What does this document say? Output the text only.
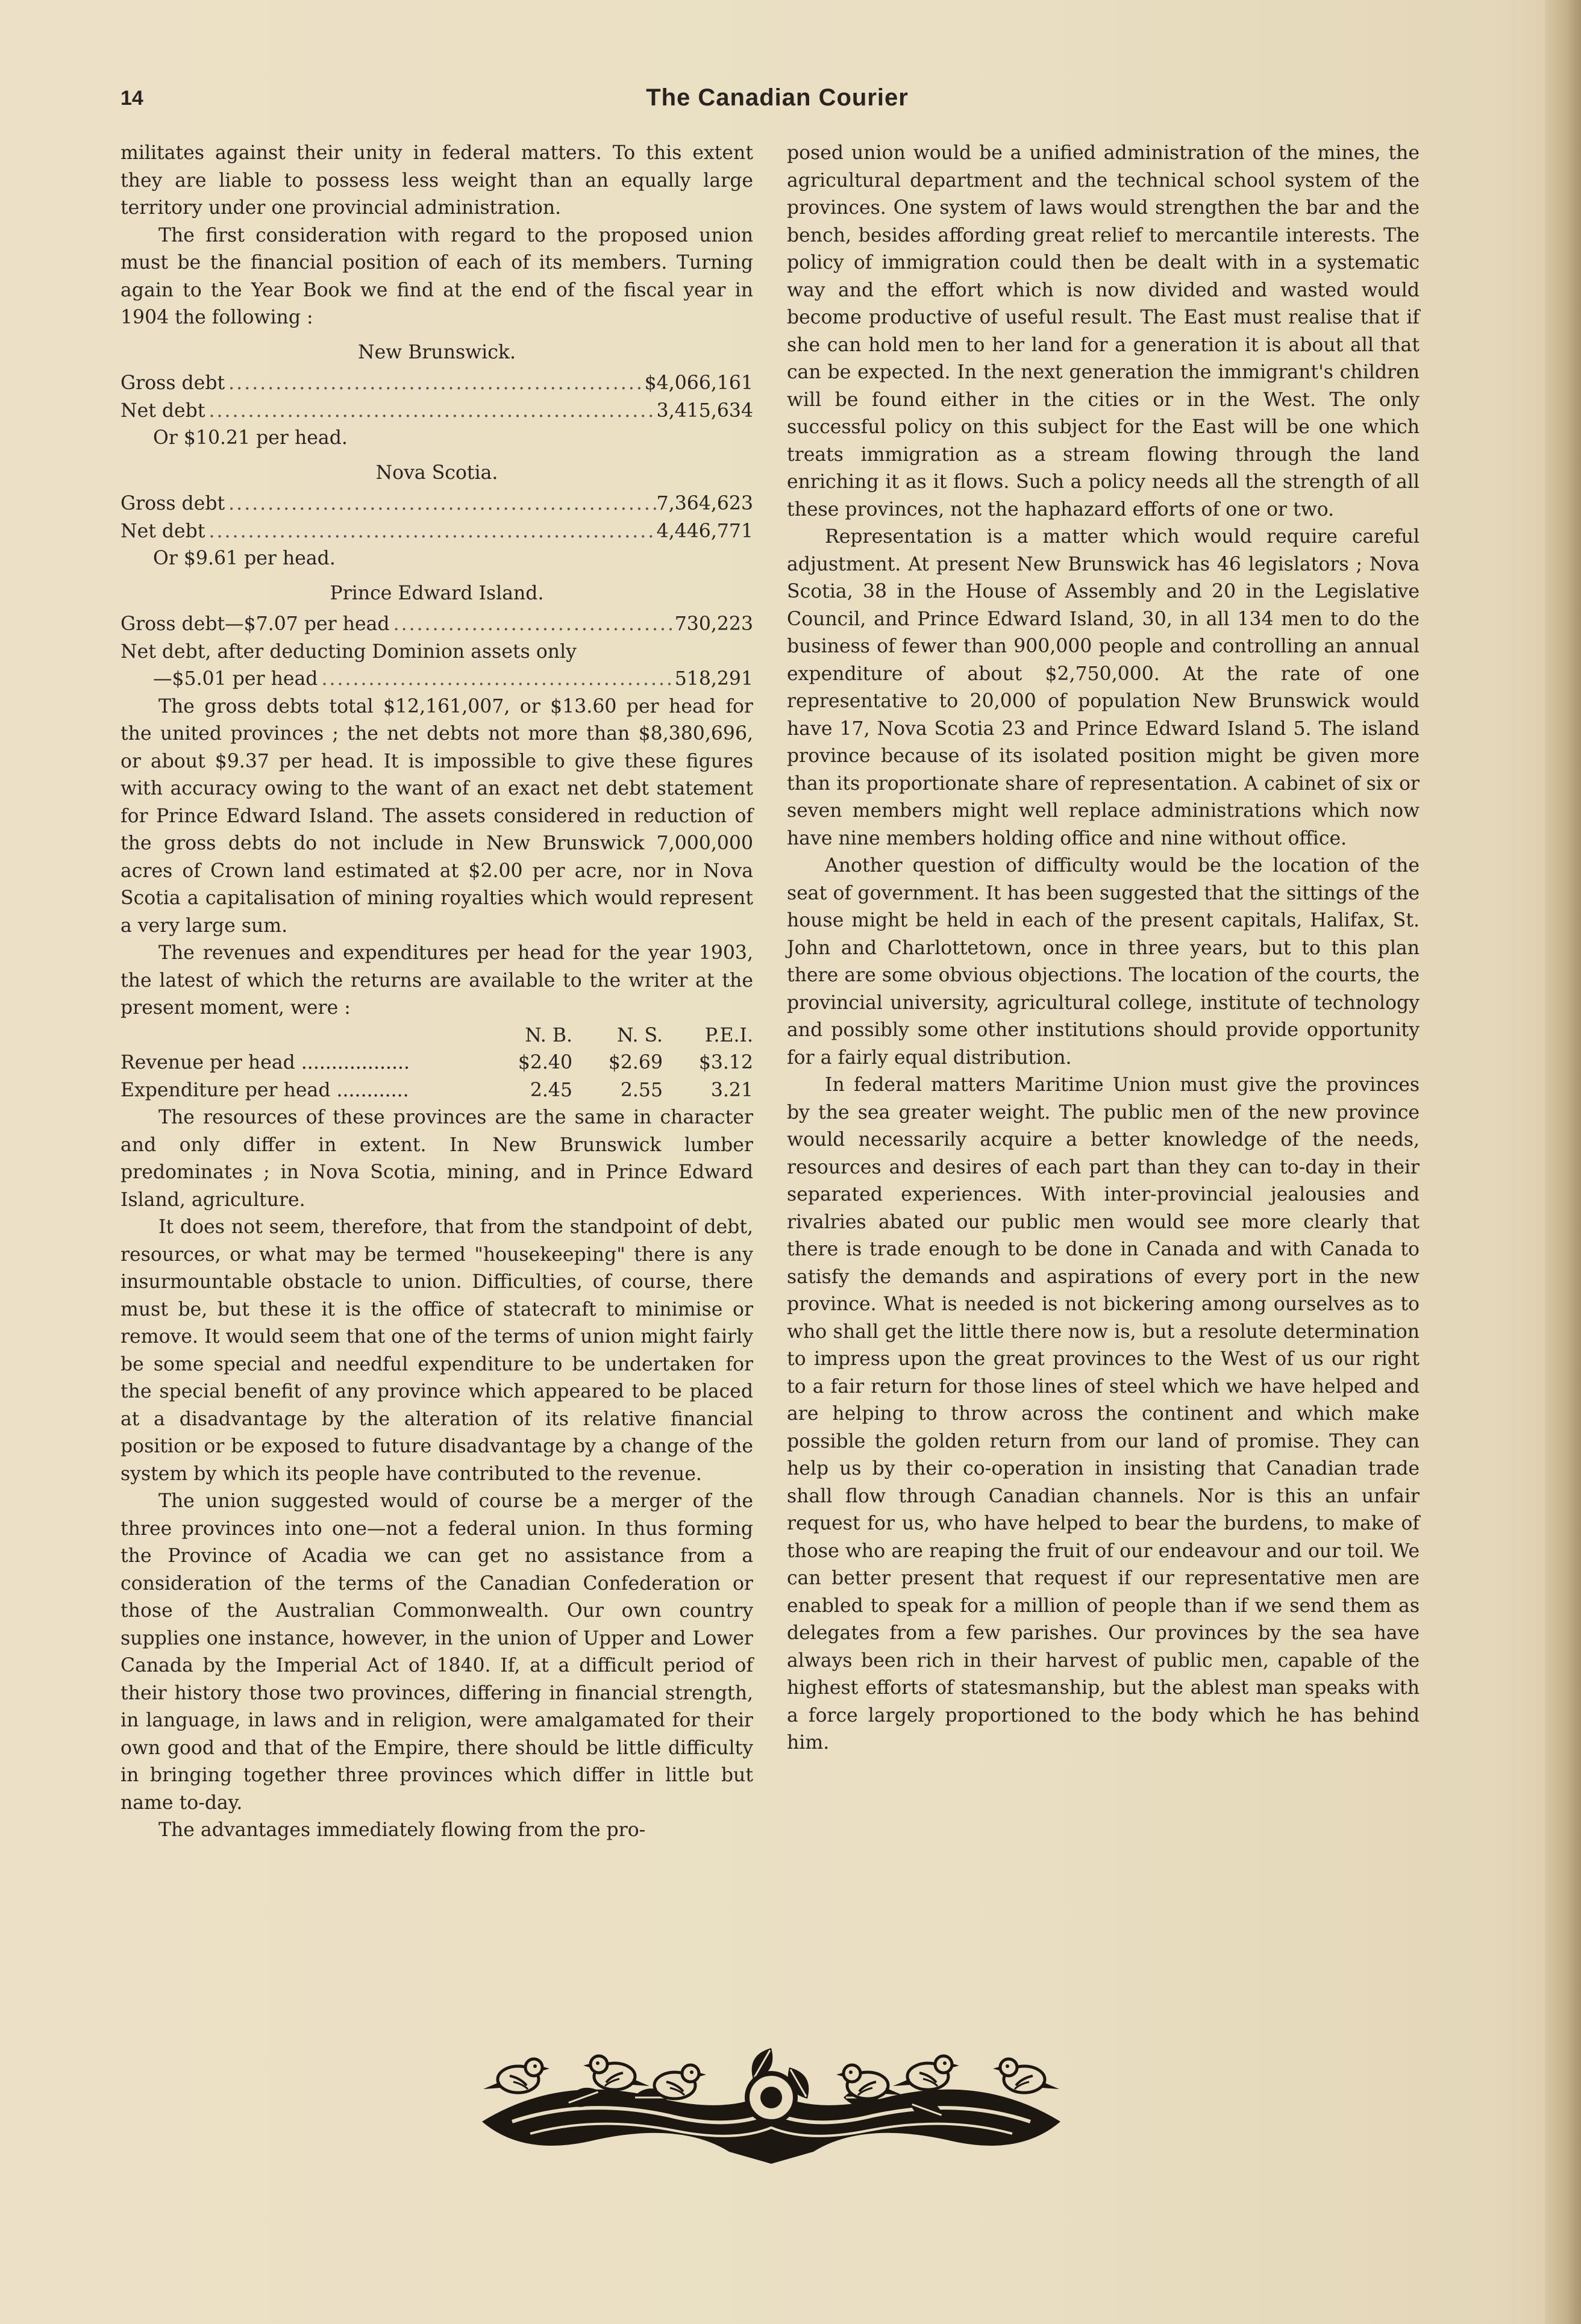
14	The Canadian Courier

militates against their unity in federal matters. To this extent they are liable to possess less weight than an equally large territory under one provincial administration.

The first consideration with regard to the proposed union must be the financial position of each of its members. Turning again to the Year Book we find at the end of the fiscal year in 1904 the following :

New Brunswick.
Gross debt .....	$4,066,161
Net debt .....	3,415,634
Or $10.21 per head.
Nova Scotia.
Gross debt .....	7,364,623
Net debt .....	4,446,771
Or $9.61 per head.
Prince Edward Island.
Gross debt—$7.07 per head .....	730,223
Net debt, after deducting Dominion assets only
—$5.01 per head .....	518,291

The gross debts total $12,161,007, or $13.60 per head for the united provinces ; the net debts not more than $8,380,696, or about $9.37 per head. It is impossible to give these figures with accuracy owing to the want of an exact net debt statement for Prince Edward Island. The assets considered in reduction of the gross debts do not include in New Brunswick 7,000,000 acres of Crown land estimated at $2.00 per acre, nor in Nova Scotia a capitalisation of mining royalties which would represent a very large sum.

The revenues and expenditures per head for the year 1903, the latest of which the returns are available to the writer at the present moment, were :

	N. B.	N. S.	P.E.I.
Revenue per head ..................	$2.40	$2.69	$3.12
Expenditure per head ............	2.45	2.55	3.21

The resources of these provinces are the same in character and only differ in extent. In New Brunswick lumber predominates ; in Nova Scotia, mining, and in Prince Edward Island, agriculture.

It does not seem, therefore, that from the standpoint of debt, resources, or what may be termed "housekeeping" there is any insurmountable obstacle to union. Difficulties, of course, there must be, but these it is the office of statecraft to minimise or remove. It would seem that one of the terms of union might fairly be some special and needful expenditure to be undertaken for the special benefit of any province which appeared to be placed at a disadvantage by the alteration of its relative financial position or be exposed to future disadvantage by a change of the system by which its people have contributed to the revenue.

The union suggested would of course be a merger of the three provinces into one—not a federal union. In thus forming the Province of Acadia we can get no assistance from a consideration of the terms of the Canadian Confederation or those of the Australian Commonwealth. Our own country supplies one instance, however, in the union of Upper and Lower Canada by the Imperial Act of 1840. If, at a difficult period of their history those two provinces, differing in financial strength, in language, in laws and in religion, were amalgamated for their own good and that of the Empire, there should be little difficulty in bringing together three provinces which differ in little but name to-day.

The advantages immediately flowing from the pro-

posed union would be a unified administration of the mines, the agricultural department and the technical school system of the provinces. One system of laws would strengthen the bar and the bench, besides affording great relief to mercantile interests. The policy of immigration could then be dealt with in a systematic way and the effort which is now divided and wasted would become productive of useful result. The East must realise that if she can hold men to her land for a generation it is about all that can be expected. In the next generation the immigrant's children will be found either in the cities or in the West. The only successful policy on this subject for the East will be one which treats immigration as a stream flowing through the land enriching it as it flows. Such a policy needs all the strength of all these provinces, not the haphazard efforts of one or two.

Representation is a matter which would require careful adjustment. At present New Brunswick has 46 legislators ; Nova Scotia, 38 in the House of Assembly and 20 in the Legislative Council, and Prince Edward Island, 30, in all 134 men to do the business of fewer than 900,000 people and controlling an annual expenditure of about $2,750,000. At the rate of one representative to 20,000 of population New Brunswick would have 17, Nova Scotia 23 and Prince Edward Island 5. The island province because of its isolated position might be given more than its proportionate share of representation. A cabinet of six or seven members might well replace administrations which now have nine members holding office and nine without office.

Another question of difficulty would be the location of the seat of government. It has been suggested that the sittings of the house might be held in each of the present capitals, Halifax, St. John and Charlottetown, once in three years, but to this plan there are some obvious objections. The location of the courts, the provincial university, agricultural college, institute of technology and possibly some other institutions should provide opportunity for a fairly equal distribution.

In federal matters Maritime Union must give the provinces by the sea greater weight. The public men of the new province would necessarily acquire a better knowledge of the needs, resources and desires of each part than they can to-day in their separated experiences. With inter-provincial jealousies and rivalries abated our public men would see more clearly that there is trade enough to be done in Canada and with Canada to satisfy the demands and aspirations of every port in the new province. What is needed is not bickering among ourselves as to who shall get the little there now is, but a resolute determination to impress upon the great provinces to the West of us our right to a fair return for those lines of steel which we have helped and are helping to throw across the continent and which make possible the golden return from our land of promise. They can help us by their co-operation in insisting that Canadian trade shall flow through Canadian channels. Nor is this an unfair request for us, who have helped to bear the burdens, to make of those who are reaping the fruit of our endeavour and our toil. We can better present that request if our representative men are enabled to speak for a million of people than if we send them as delegates from a few parishes. Our provinces by the sea have always been rich in their harvest of public men, capable of the highest efforts of statesmanship, but the ablest man speaks with a force largely proportioned to the body which he has behind him.
